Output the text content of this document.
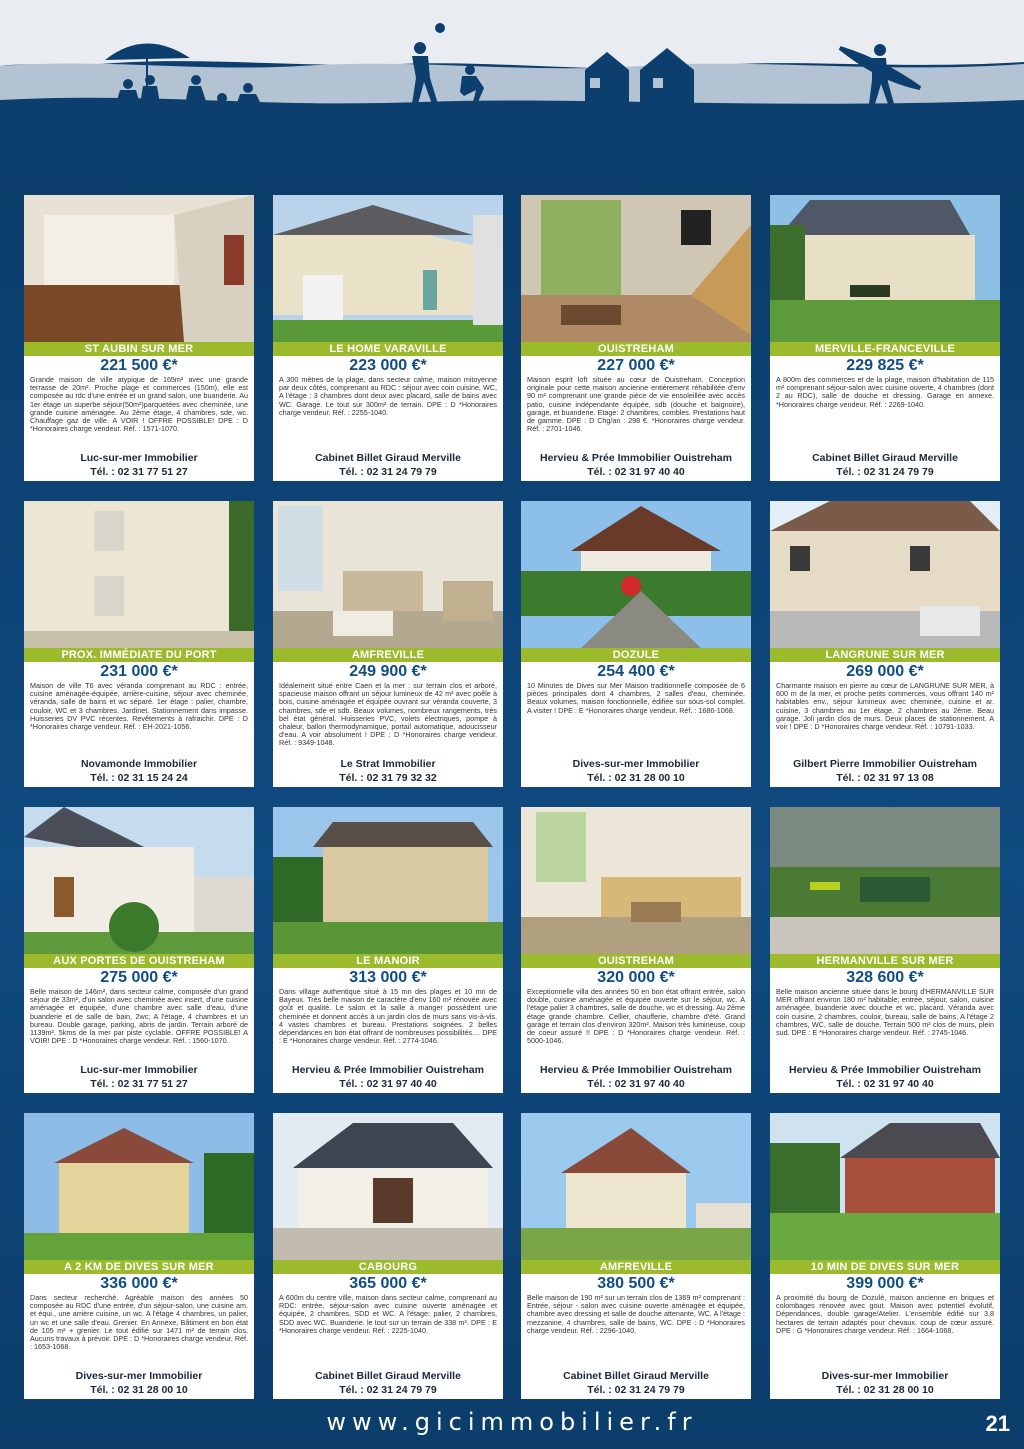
ST AUBIN SUR MER
221 500 €*
Grande maison de ville atypique de 165m² avec une grande terrasse de 20m². Proche plage et commerces (150m), elle est composée au rdc d'une entrée et un grand salon, une buanderie. Au 1er étage un superbe séjour(50m²)parquetées avec cheminée, une grande cuisine aménagée. Au 2ème étage, 4 chambres, sde, wc. Chauffage gaz de ville. A VOIR ! OFFRE POSSIBLE! DPE : D *Honoraires charge vendeur. Réf. : 1571-1070.
Luc-sur-mer Immobilier
Tél. : 02 31 77 51 27
LE HOME VARAVILLE
223 000 €*
A 300 mètres de la plage, dans secteur calme, maison mitoyenne par deux côtés, comprenant au RDC : séjour avec coin cuisine, WC, A l'étage : 3 chambres dont deux avec placard, salle de bains avec WC. Garage. Le tout sur 300m² de terrain. DPE : D *Honoraires charge vendeur. Réf. : 2255-1040.
Cabinet Billet Giraud Merville
Tél. : 02 31 24 79 79
OUISTREHAM
227 000 €*
Maison esprit loft située au cœur de Ouistreham. Conception originale pour cette maison ancienne entièrement réhabilitée d'env 90 m² comprenant une grande pièce de vie ensoleillée avec accès patio, cuisine indépendante équipée, sdb (douche et baignoire), garage, et buanderie. Etage: 2 chambres, combles. Prestations haut de gamme. DPE : D Chg/an : 298 €. *Honoraires charge vendeur. Réf. : 2701-1046.
Hervieu & Prée Immobilier Ouistreham
Tél. : 02 31 97 40 40
MERVILLE-FRANCEVILLE
229 825 €*
A 800m des commerces et de la plage, maison d'habitation de 115 m² comprenant séjour-salon avec cuisine ouverte, 4 chambres (dont 2 au RDC), salle de douche et dressing. Garage en annexe. *Honoraires charge vendeur. Réf. : 2269-1040.
Cabinet Billet Giraud Merville
Tél. : 02 31 24 79 79
PROX. IMMÉDIATE DU PORT
231 000 €*
Maison de ville T6 avec véranda comprenant au RDC : entrée, cuisine aménagée-équipée, arrière-cuisine, séjour avec cheminée, véranda, salle de bains et wc séparé. 1er étage : palier, chambre, couloir, WC et 3 chambres. Jardinet. Stationnement dans impasse. Huisseries DV PVC récentes. Revêtements à rafraichir. DPE : D *Honoraires charge vendeur. Réf. : EH-2021-1056.
Novamonde Immobilier
Tél. : 02 31 15 24 24
AMFREVILLE
249 900 €*
Idéalement situé entre Caen et la mer : sur terrain clos et arboré, spacieuse maison offrant un séjour lumineux de 42 m² avec poêle à bois, cuisine aménagée et équipée ouvrant sur véranda couverte, 3 chambres, sde et sdb. Beaux volumes, nombreux rangements, très bel état général. Huisseries PVC, volets électriques, pompe à chaleur, ballon thermodynamique, portail automatique, adoucisseur d'eau. A voir absolument ! DPE : D *Honoraires charge vendeur. Réf. : 9349-1048.
Le Strat Immobilier
Tél. : 02 31 79 32 32
DOZULE
254 400 €*
10 Minutes de Dives sur Mer Maison traditionnelle composée de 6 pièces principales dont 4 chambres, 2 salles d'eau, cheminée. Beaux volumes, maison fonctionnelle, édifiée sur sous-sol complet. A visiter ! DPE : E *Honoraires charge vendeur. Réf. : 1686-1068.
Dives-sur-mer Immobilier
Tél. : 02 31 28 00 10
LANGRUNE SUR MER
269 000 €*
Charmante maison en pierre au cœur de LANGRUNE SUR MER, à 600 m de la mer, et proche petits commerces, vous offrant 140 m² habitables env., séjour lumineux avec cheminée, cuisine et ar. cuisine, 3 chambres au 1er étage, 2 chambres au 2ème. Beau garage. Joli jardin clos de murs. Deux places de stationnement. A voir ! DPE : D *Honoraires charge vendeur. Réf. : 10791-1033.
Gilbert Pierre Immobilier Ouistreham
Tél. : 02 31 97 13 08
AUX PORTES DE OUISTREHAM
275 000 €*
Belle maison de 146m², dans secteur calme, composée d'un grand séjour de 33m², d'un salon avec cheminée avec insert, d'une cuisine aménagée et équipée, d'une chambre avec salle d'eau, d'une buanderie et de salle de bain, 2wc; A l'étage, 4 chambres et un bureau. Double garage, parking, abris de jardin. Terrain arboré de 1139m². 5kms de la mer par piste cyclable. OFFRE POSSIBLE! A VOIR! DPE : D *Honoraires charge vendeur. Réf. : 1560-1070.
Luc-sur-mer Immobilier
Tél. : 02 31 77 51 27
LE MANOIR
313 000 €*
Dans village authentique situé à 15 mn des plages et 10 mn de Bayeux. Très belle maison de caractère d'env 160 m² rénovée avec goût et qualité. Le salon et la salle à manger possèdent une cheminée et donnent accès à un jardin clos de murs sans vis-à-vis. 4 vastes chambres et bureau. Prestations soignées. 2 belles dépendances en bon état offrant de nombreuses possibilités.... DPE : E *Honoraires charge vendeur. Réf. : 2774-1046.
Hervieu & Prée Immobilier Ouistreham
Tél. : 02 31 97 40 40
OUISTREHAM
320 000 €*
Exceptionnelle villa des années 50 en bon état offrant entrée, salon double, cuisine aménagée et équipée ouverte sur le séjour, wc. A l'étage palier 3 chambres, salle de douche, wc et dressing. Au 2ème étage grande chambre. Cellier, chaufferie, chambre d'été. Grand garage et terrain clos d'environ 320m². Maison très lumineuse, coup de coeur assuré !! DPE : D *Honoraires charge vendeur. Réf. : 5000-1046.
Hervieu & Prée Immobilier Ouistreham
Tél. : 02 31 97 40 40
HERMANVILLE SUR MER
328 600 €*
Belle maison ancienne située dans le bourg d'HERMANVILLE SUR MER offrant environ 180 m² habitable; entrée, séjour, salon, cuisine aménagée, buanderie avec douche et wc, placard. Véranda avec coin cuisine, 2 chambres, couloir, bureau, salle de bains, A l'étage 2 chambres, WC, salle de douche. Terrain 500 m² clos de murs, plein sud. DPE : E *Honoraires charge vendeur. Réf. : 2745-1046.
Hervieu & Prée Immobilier Ouistreham
Tél. : 02 31 97 40 40
A 2 KM DE DIVES SUR MER
336 000 €*
Dans secteur recherché. Agréable maison des années 50 composée au RDC d'une entrée, d'un séjour-salon, une cuisine am. et équi., une arrière cuisine, un wc. A l'étage 4 chambres, un palier, un wc et une salle d'eau. Grenier. En Annexe, Bâtiment en bon état de 105 m² + grenier. Le tout édifié sur 1471 m² de terrain clos. Aucuns travaux à prévoir. DPE : D *Honoraires charge vendeur. Réf. : 1653-1068.
Dives-sur-mer Immobilier
Tél. : 02 31 28 00 10
CABOURG
365 000 €*
A 600m du centre ville, maison dans secteur calme, comprenant au RDC: entrée, séjour-salon avec cuisine ouverte aménagée et équipée, 2 chambres, SDD et WC. A l'étage: palier, 2 chambres, SDD avec WC. Buanderie. le tout sur un terrain de 338 m². DPE : E *Honoraires charge vendeur. Réf. : 2225-1040.
Cabinet Billet Giraud Merville
Tél. : 02 31 24 79 79
AMFREVILLE
380 500 €*
Belle maison de 190 m² sur un terrain clos de 1369 m² comprenant : Entrée, séjour - salon avec cuisine ouverte aménagée et équipée, chambre avec dressing et salle de douche attenante, WC. A l'étage : mezzanine, 4 chambres, salle de bains, WC. DPE : D *Honoraires charge vendeur. Réf. : 2296-1040.
Cabinet Billet Giraud Merville
Tél. : 02 31 24 79 79
10 MIN DE DIVES SUR MER
399 000 €*
A proximité du bourg de Dozulé, maison ancienne en briques et colombages rénovée avec gout. Maison avec potentiel évolutif, Dépendances, double garage/Atelier. L'ensemble édifié sur 3,8 hectares de terrain adaptés pour chevaux. coup de cœur assuré. DPE : G *Honoraires charge vendeur. Réf. : 1664-1068.
Dives-sur-mer Immobilier
Tél. : 02 31 28 00 10
www.gicimmobilier.fr	21
